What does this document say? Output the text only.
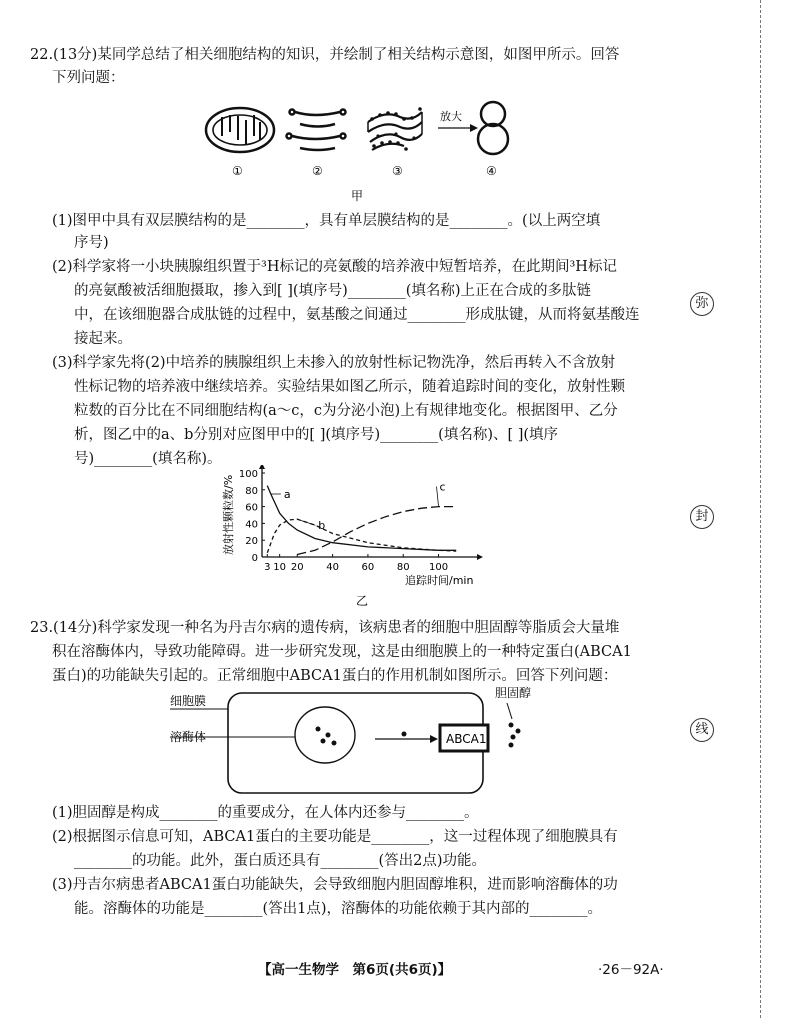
22.(13分)某同学总结了相关细胞结构的知识，并绘制了相关结构示意图，如图甲所示。回答
下列问题：
放大
①	②	③	④
甲
(1)图甲中具有双层膜结构的是________，具有单层膜结构的是________。(以上两空填
序号)
(2)科学家将一小块胰腺组织置于³H标记的亮氨酸的培养液中短暂培养，在此期间³H标记
的亮氨酸被活细胞摄取，掺入到[ ](填序号)________(填名称)上正在合成的多肽链
中，在该细胞器合成肽链的过程中，氨基酸之间通过________形成肽键，从而将氨基酸连
接起来。
(3)科学家先将(2)中培养的胰腺组织上未掺入的放射性标记物洗净，然后再转入不含放射
性标记物的培养液中继续培养。实验结果如图乙所示，随着追踪时间的变化，放射性颗
粒数的百分比在不同细胞结构(a～c，c为分泌小泡)上有规律地变化。根据图甲、乙分
析，图乙中的a、b分别对应图甲中的[ ](填序号)________(填名称)、[ ](填序
号)________(填名称)。
0
20
40
60
80
100
3 10 20 40 60 80 100
追踪时间/min
放射性颗粒数/%	a
b
c
乙
23.(14分)科学家发现一种名为丹吉尔病的遗传病，该病患者的细胞中胆固醇等脂质会大量堆
积在溶酶体内，导致功能障碍。进一步研究发现，这是由细胞膜上的一种特定蛋白(ABCA1
蛋白)的功能缺失引起的。正常细胞中ABCA1蛋白的作用机制如图所示。回答下列问题：
ABCA1
细胞膜
溶酶体
胆固醇
(1)胆固醇是构成________的重要成分，在人体内还参与________。
(2)根据图示信息可知，ABCA1蛋白的主要功能是________，这一过程体现了细胞膜具有
________的功能。此外，蛋白质还具有________(答出2点)功能。
(3)丹吉尔病患者ABCA1蛋白功能缺失，会导致细胞内胆固醇堆积，进而影响溶酶体的功
能。溶酶体的功能是________(答出1点)，溶酶体的功能依赖于其内部的________。
弥
封
线
【高一生物学　第6页(共6页)】	·26－92A·
